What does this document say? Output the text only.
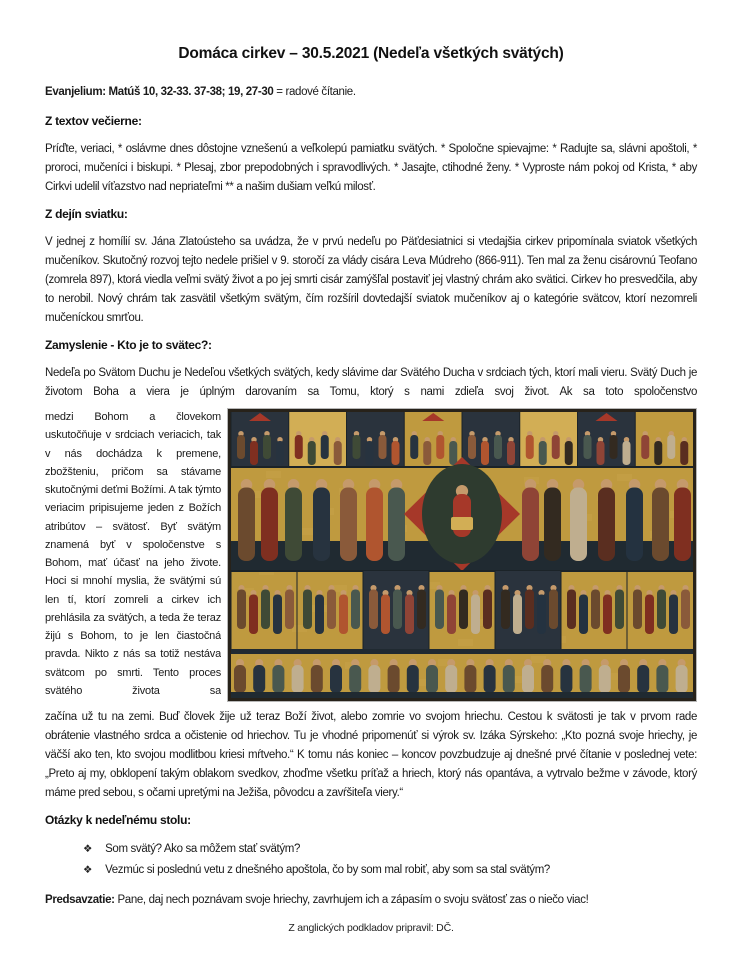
Domáca cirkev – 30.5.2021 (Nedeľa všetkých svätých)

Evanjelium: Matúš 10, 32-33. 37-38; 19, 27-30 = radové čítanie.

Z textov večierne:

Príďte, veriaci, * oslávme dnes dôstojne vznešenú a veľkolepú pamiatku svätých. * Spoločne spievajme: * Radujte sa, slávni apoštoli, * proroci, mučeníci i biskupi. * Plesaj, zbor prepodobných i spravodlivých. * Jasajte, ctihodné ženy. * Vyproste nám pokoj od Krista, * aby Cirkvi udelil víťazstvo nad nepriateľmi ** a našim dušiam veľkú milosť.

Z dejín sviatku:

V jednej z homílií sv. Jána Zlatoústeho sa uvádza, že v prvú nedeľu po Päťdesiatnici si vtedajšia cirkev pripomínala sviatok všetkých mučeníkov. Skutočný rozvoj tejto nedele prišiel v 9. storočí za vlády cisára Leva Múdreho (866-911). Ten mal za ženu cisárovnú Teofano (zomrela 897), ktorá viedla veľmi svätý život a po jej smrti cisár zamýšľal postaviť jej vlastný chrám ako svätici. Cirkev ho presvedčila, aby to nerobil. Nový chrám tak zasvätil všetkým svätým, čím rozšíril dovtedajší sviatok mučeníkov aj o kategórie svätcov, ktorí nezomreli mučeníckou smrťou.

Zamyslenie - Kto je to svätec?:

Nedeľa po Svätom Duchu je Nedeľou všetkých svätých, kedy slávime dar Svätého Ducha v srdciach tých, ktorí mali vieru. Svätý Duch je životom Boha a viera je úplným darovaním sa Tomu, ktorý s nami zdieľa svoj život. Ak sa toto spoločenstvo

medzi Bohom a človekom uskutočňuje v srdciach veriacich, tak v nás dochádza k premene, zbožšteniu, pričom sa stávame skutočnými deťmi Božími. A tak týmto veriacim pripisujeme jeden z Božích atribútov – svätosť. Byť svätým znamená byť v spoločenstve s Bohom, mať účasť na jeho živote. Hoci si mnohí myslia, že svätými sú len tí, ktorí zomreli a cirkev ich prehlásila za svätých, a teda že teraz žijú s Bohom, to je len čiastočná pravda. Nikto z nás sa totiž nestáva svätcom po smrti. Tento proces svätého života sa

začína už tu na zemi. Buď človek žije už teraz Boží život, alebo zomrie vo svojom hriechu. Cestou k svätosti je tak v prvom rade obrátenie vlastného srdca a očistenie od hriechov. Tu je vhodné pripomenúť si výrok sv. Izáka Sýrskeho: „Kto pozná svoje hriechy, je väčší ako ten, kto svojou modlitbou kriesi mŕtveho.“ K tomu nás koniec – koncov povzbudzuje aj dnešné prvé čítanie v poslednej vete: „Preto aj my, obklopení takým oblakom svedkov, zhoďme všetku príťaž a hriech, ktorý nás opantáva, a vytrvalo bežme v závode, ktorý máme pred sebou, s očami upretými na Ježiša, pôvodcu a zavŕšiteľa viery.“

Otázky k nedeľnému stolu:
❖ Som svätý? Ako sa môžem stať svätým?
❖ Vezmúc si poslednú vetu z dnešného apoštola, čo by som mal robiť, aby som sa stal svätým?

Predsavzatie: Pane, daj nech poznávam svoje hriechy, zavrhujem ich a zápasím o svoju svätosť zas o niečo viac!

Z anglických podkladov pripravil: DČ.
